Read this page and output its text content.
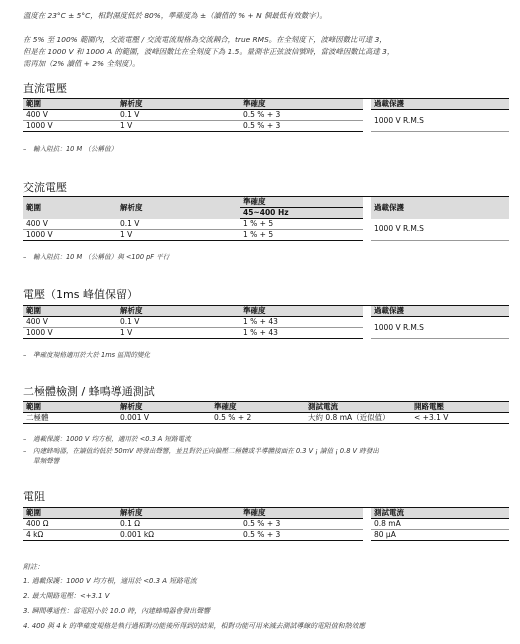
溫度在 23°C ± 5°C，相對濕度低於 80%，準確度為 ±（讀值的 % + N 個最低有效數字）。
在 5% 至 100% 範圍內，交流電壓 / 交流電流規格為交流耦合，true RMS。在全刻度下，波峰因數比可達 3，
但是在 1000 V 和 1000 A 的範圍，波峰因數比在全刻度下為 1.5。量測非正弦波信號時，當波峰因數比高達 3，
需再加（2% 讀值 + 2% 全刻度）。
直流電壓
範圍	解析度	準確度		過載保護
400 V	0.1 V	0.5 % + 3		1000 V R.M.S
1000 V	1 V	0.5 % + 3		
– 輸入阻抗：10 M （公稱值）
交流電壓
範圍	解析度	準確度		過載保護
		45~400 Hz		
400 V	0.1 V	1 % + 5		1000 V R.M.S
1000 V	1 V	1 % + 5		
– 輸入阻抗：10 M （公稱值）與 <100 pF 平行
電壓（1ms 峰值保留）
範圍	解析度	準確度		過載保護
400 V	0.1 V	1 % + 43		1000 V R.M.S
1000 V	1 V	1 % + 43		
– 準確度規格適用於大於 1ms 區間的變化
二極體檢測 / 蜂鳴導通測試
範圍	解析度	準確度	測試電流	開路電壓
二極體	0.001 V	0.5 % + 2	大約 0.8 mA（近似值）	< +3.1 V
– 過載保護：1000 V 均方根，適用於 <0.3 A 短路電流
– 內建蜂鳴器，在讀值約低於 50mV 時發出聲響，並且對於正向偏壓二極體或半導體接面在 0.3 V ¡ 讀值 ¡ 0.8 V 時發出
單頻聲響
電阻
範圍	解析度	準確度		測試電流
400 Ω	0.1 Ω	0.5 % + 3		0.8 mA
4 kΩ	0.001 kΩ	0.5 % + 3		80 µA
附註：
1. 過載保護：1000 V 均方根，適用於 <0.3 A 短路電流
2. 最大開路電壓：<+3.1 V
3. 瞬間導通性：當電阻小於 10.0 時，內建蜂鳴器會發出聲響
4. 400 與 4 k 的準確度規格是執行過相對功能後所得到的結果，相對功能可用來減去測試導線的電阻值和熱效應
